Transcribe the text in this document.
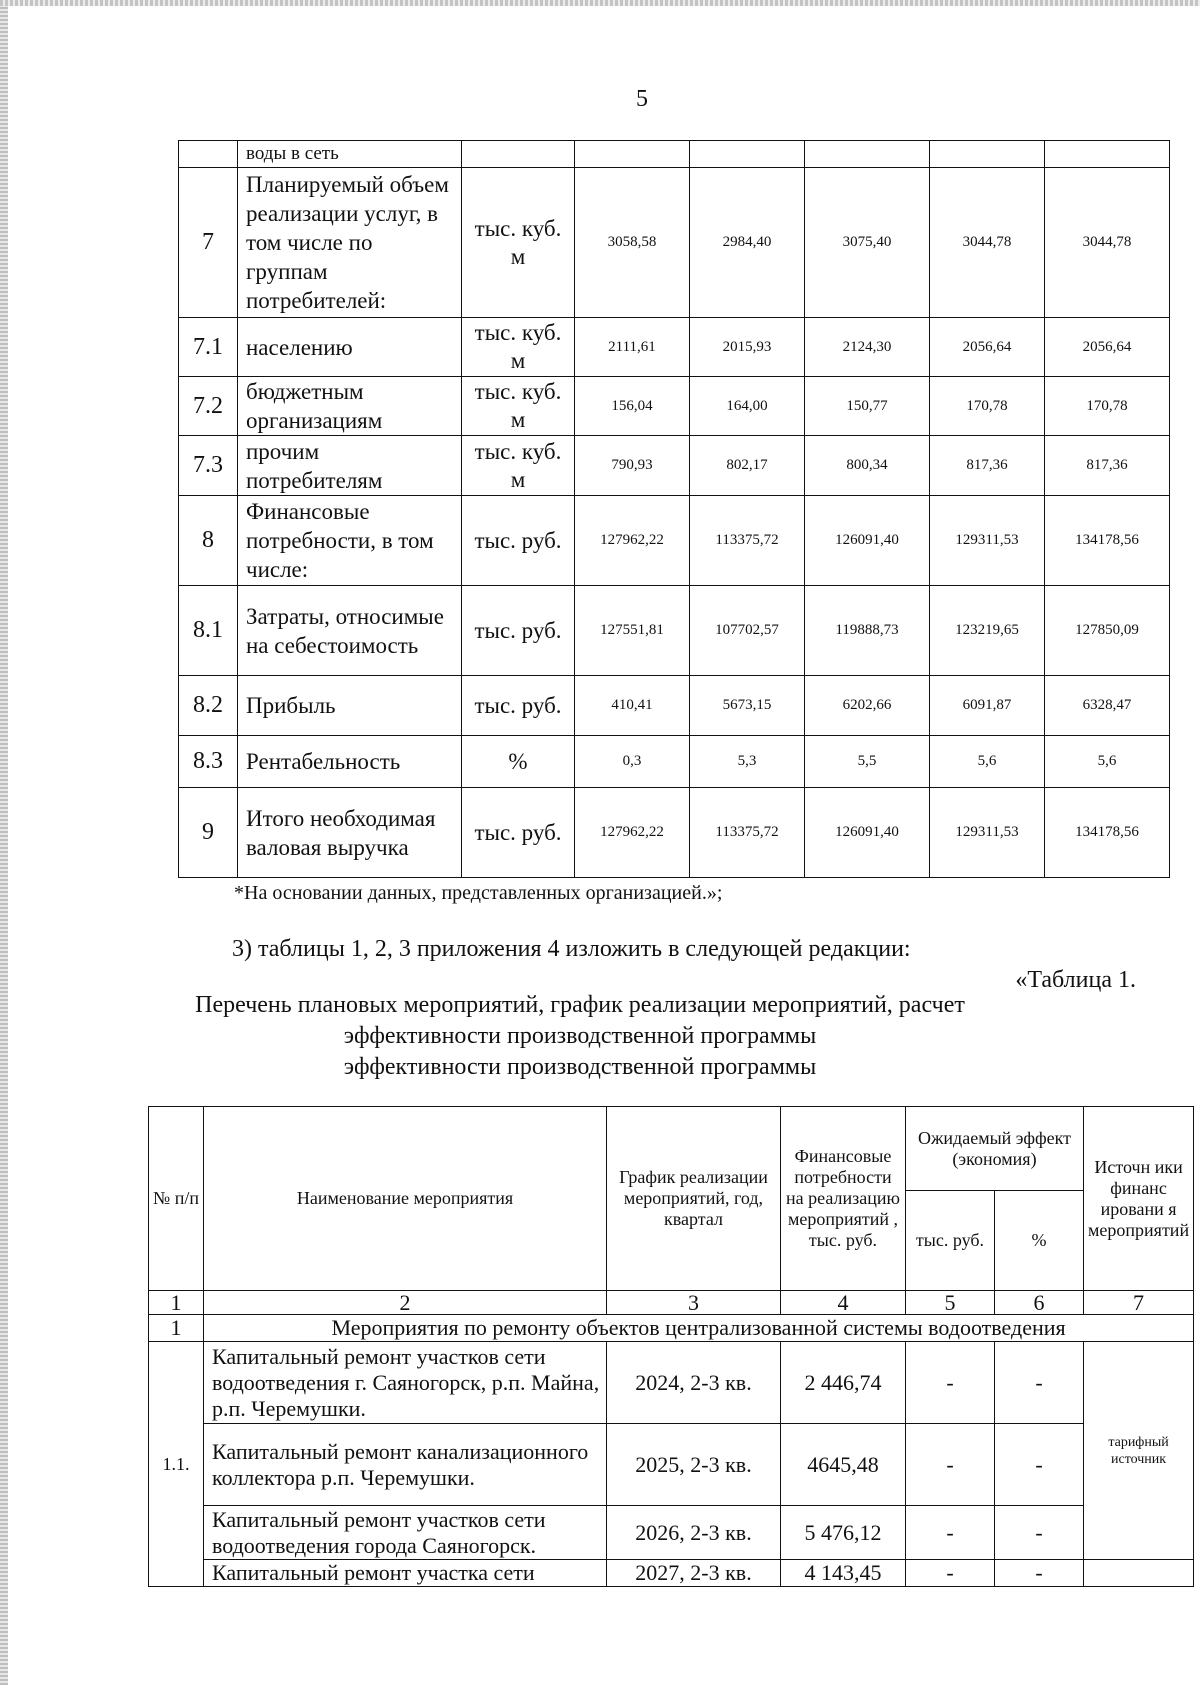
5
	воды в сеть						
7	Планируемый объем реализации услуг, в том числе по группам потребителей:	тыс. куб. м	3058,58	2984,40	3075,40	3044,78	3044,78
7.1	населению	тыс. куб. м	2111,61	2015,93	2124,30	2056,64	2056,64
7.2	бюджетным организациям	тыс. куб. м	156,04	164,00	150,77	170,78	170,78
7.3	прочим потребителям	тыс. куб. м	790,93	802,17	800,34	817,36	817,36
8	Финансовые потребности, в том числе:	тыс. руб.	127962,22	113375,72	126091,40	129311,53	134178,56
8.1	Затраты, относимые на себестоимость	тыс. руб.	127551,81	107702,57	119888,73	123219,65	127850,09
8.2	Прибыль	тыс. руб.	410,41	5673,15	6202,66	6091,87	6328,47
8.3	Рентабельность	%	0,3	5,3	5,5	5,6	5,6
9	Итого необходимая валовая выручка	тыс. руб.	127962,22	113375,72	126091,40	129311,53	134178,56
*На основании данных, представленных организацией.»;
3) таблицы 1, 2, 3 приложения 4 изложить в следующей редакции:
«Таблица 1.
Перечень плановых мероприятий, график реализации мероприятий, расчет
эффективности производственной программы
эффективности производственной программы
№ п/п	Наименование мероприятия	График реализации мероприятий, год, квартал	Финансовые потребности на реализацию мероприятий , тыс. руб.	Ожидаемый эффект (экономия)		Источн ики финанс ировани я мероприятий
				тыс. руб.	%	
1	2	3	4	5	6	7
1	Мероприятия по ремонту объектов централизованной системы водоотведения					
1.1.	Капитальный ремонт участков сети водоотведения г. Саяногорск, р.п. Майна, р.п. Черемушки.	2024, 2-3 кв.	2 446,74	-	-	тарифный источник
	Капитальный ремонт канализационного коллектора р.п. Черемушки.	2025, 2-3 кв.	4645,48	-	-	
	Капитальный ремонт участков сети водоотведения города Саяногорск.	2026, 2-3 кв.	5 476,12	-	-	
	Капитальный ремонт участка сети	2027, 2-3 кв.	4 143,45	-	-	
